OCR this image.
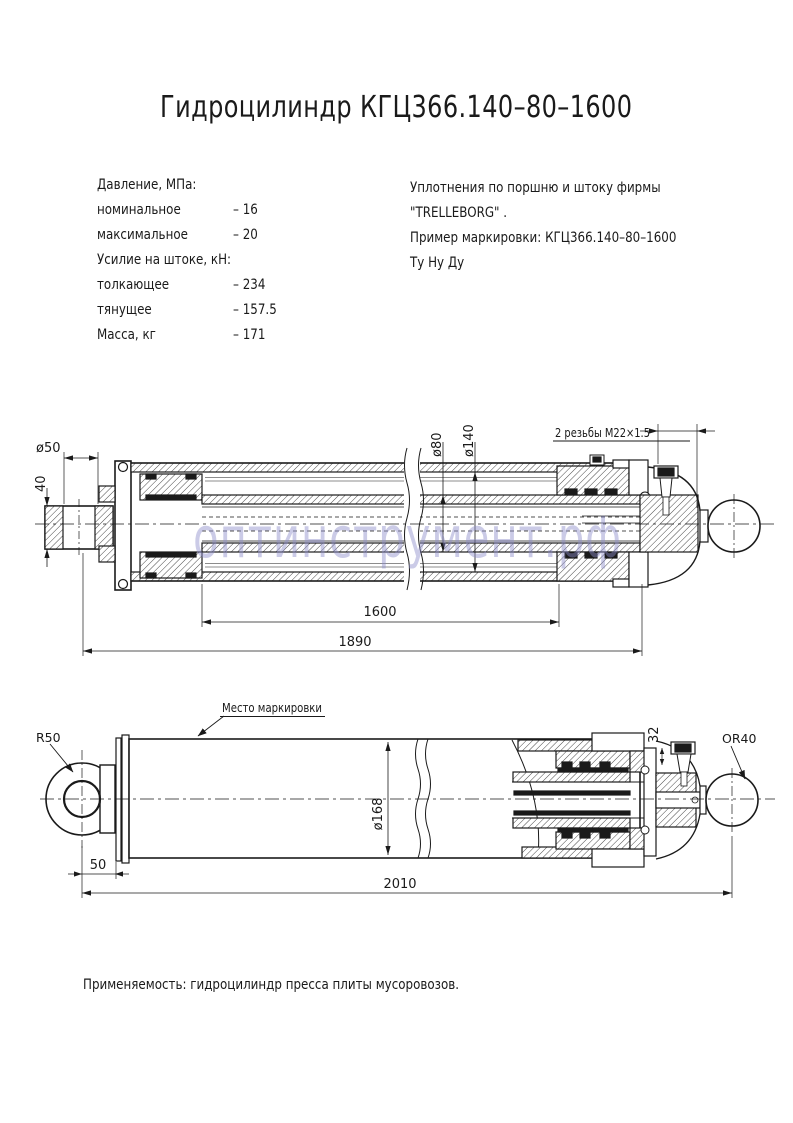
Гидроцилиндр КГЦ366.140–80–1600
Давление, МПа:
номинальное	– 16
максимальное	– 20
Усилие на штоке, кН:
толкающее	– 234
тянущее	– 157.5
Масса, кг	– 171
Уплотнения по поршню и штоку фирмы
"TRELLEBORG" .
Пример маркировки: КГЦ366.140–80–1600
Ту Ну Ду
ø50
40
ø80 ø140	2 резьбы М22×1.5
1600
1890
Место маркировки
R50
ø168
32	OR40
50
2010
оптинструмент.рф
Применяемость: гидроцилиндр пресса плиты мусоровозов.
